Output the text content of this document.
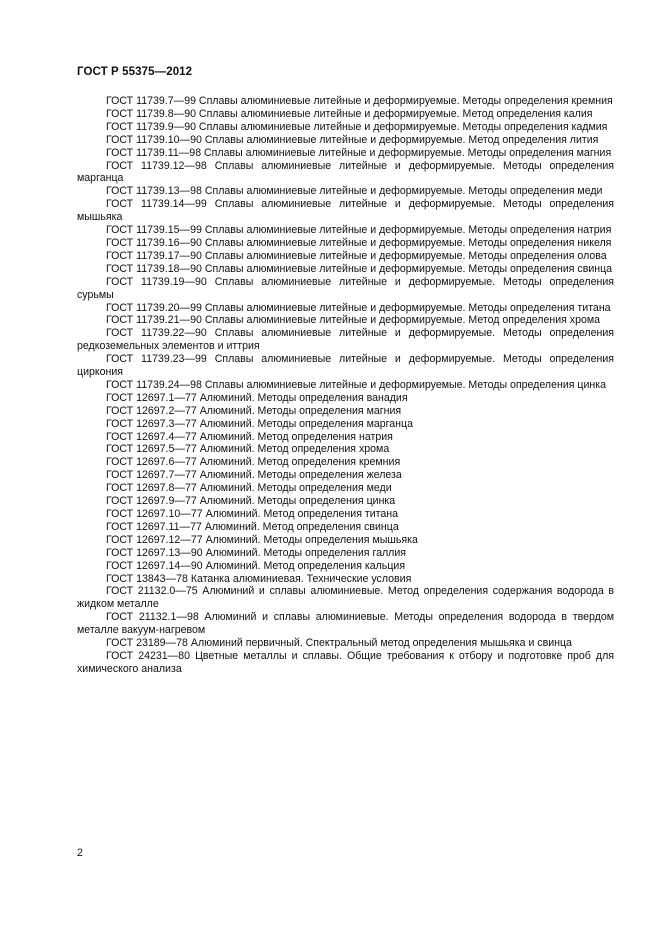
ГОСТ Р 55375—2012
ГОСТ 11739.7—99 Сплавы алюминиевые литейные и деформируемые. Методы определения кремния
ГОСТ 11739.8—90 Сплавы алюминиевые литейные и деформируемые. Метод определения калия
ГОСТ 11739.9—90 Сплавы алюминиевые литейные и деформируемые. Методы определения кадмия
ГОСТ 11739.10—90 Сплавы алюминиевые литейные и деформируемые. Метод определения лития
ГОСТ 11739.11—98 Сплавы алюминиевые литейные и деформируемые. Методы определения магния
ГОСТ 11739.12—98 Сплавы алюминиевые литейные и деформируемые. Методы определения марганца
ГОСТ 11739.13—98 Сплавы алюминиевые литейные и деформируемые. Методы определения меди
ГОСТ 11739.14—99 Сплавы алюминиевые литейные и деформируемые. Методы определения мышьяка
ГОСТ 11739.15—99 Сплавы алюминиевые литейные и деформируемые. Методы определения натрия
ГОСТ 11739.16—90 Сплавы алюминиевые литейные и деформируемые. Методы определения никеля
ГОСТ 11739.17—90 Сплавы алюминиевые литейные и деформируемые. Методы определения олова
ГОСТ 11739.18—90 Сплавы алюминиевые литейные и деформируемые. Методы определения свинца
ГОСТ 11739.19—90 Сплавы алюминиевые литейные и деформируемые. Методы определения сурьмы
ГОСТ 11739.20—99 Сплавы алюминиевые литейные и деформируемые. Методы определения титана
ГОСТ 11739.21—90 Сплавы алюминиевые литейные и деформируемые. Метод определения хрома
ГОСТ 11739.22—90 Сплавы алюминиевые литейные и деформируемые. Методы определения редкоземельных элементов и иттрия
ГОСТ 11739.23—99 Сплавы алюминиевые литейные и деформируемые. Методы определения циркония
ГОСТ 11739.24—98 Сплавы алюминиевые литейные и деформируемые. Методы определения цинка
ГОСТ 12697.1—77 Алюминий. Методы определения ванадия
ГОСТ 12697.2—77 Алюминий. Методы определения магния
ГОСТ 12697.3—77 Алюминий. Методы определения марганца
ГОСТ 12697.4—77 Алюминий. Метод определения натрия
ГОСТ 12697.5—77 Алюминий. Метод определения хрома
ГОСТ 12697.6—77 Алюминий. Метод определения кремния
ГОСТ 12697.7—77 Алюминий. Методы определения железа
ГОСТ 12697.8—77 Алюминий. Методы определения меди
ГОСТ 12697.9—77 Алюминий. Методы определения цинка
ГОСТ 12697.10—77 Алюминий. Метод определения титана
ГОСТ 12697.11—77 Алюминий. Метод определения свинца
ГОСТ 12697.12—77 Алюминий. Методы определения мышьяка
ГОСТ 12697.13—90 Алюминий. Методы определения галлия
ГОСТ 12697.14—90 Алюминий. Метод определения кальция
ГОСТ 13843—78 Катанка алюминиевая. Технические условия
ГОСТ 21132.0—75 Алюминий и сплавы алюминиевые. Метод определения содержания водорода в жидком металле
ГОСТ 21132.1—98 Алюминий и сплавы алюминиевые. Методы определения водорода в твердом металле вакуум-нагревом
ГОСТ 23189—78 Алюминий первичный. Спектральный метод определения мышьяка и свинца
ГОСТ 24231—80 Цветные металлы и сплавы. Общие требования к отбору и подготовке проб для химического анализа
2
